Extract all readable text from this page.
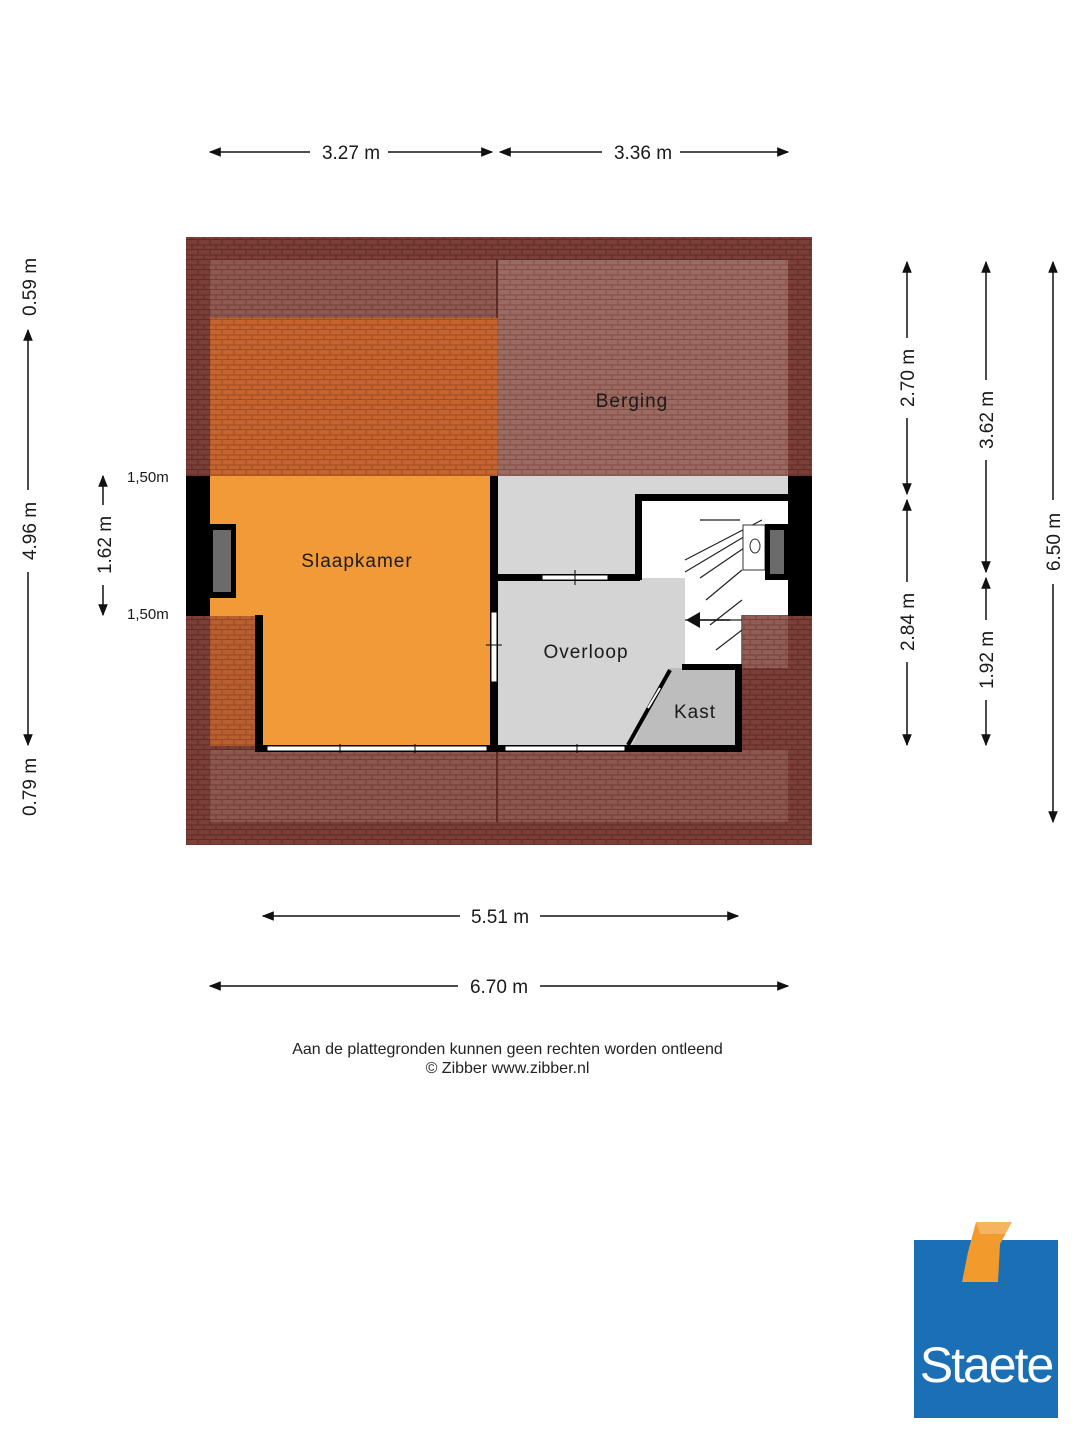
Berging
Slaapkamer
Overloop
Kast
3.27 m	3.36 m
5.51 m
6.70 m
0.59 m
4.96 m
0.79 m
1.62 m
1,50m
1,50m
2.70 m
2.84 m
3.62 m
1.92 m
6.50 m
Aan de plattegronden kunnen geen rechten worden ontleend
© Zibber www.zibber.nl
Staete
